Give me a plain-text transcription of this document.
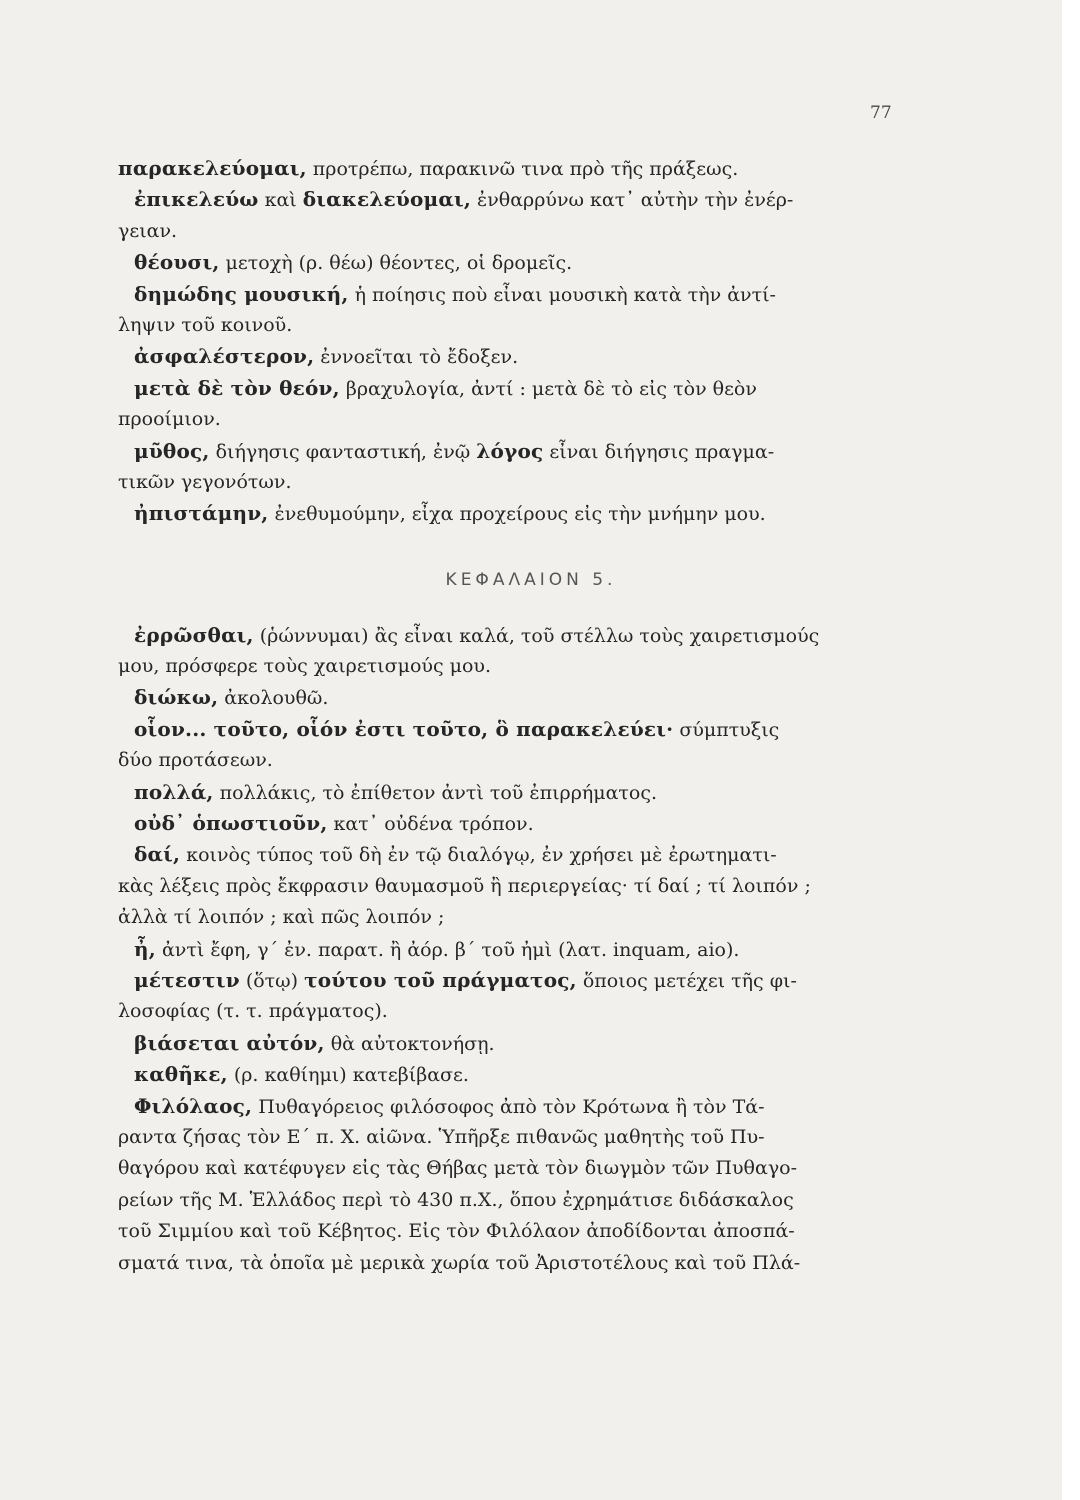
77
παρακελεύομαι, προτρέπω, παρακινῶ τινα πρὸ τῆς πράξεως.
ἐπικελεύω καὶ διακελεύομαι, ἐνθαρρύνω κατ᾽ αὐτὴν τὴν ἐνέρ-
γειαν.
θέουσι, μετοχὴ (ρ. θέω) θέοντες, οἱ δρομεῖς.
δημώδης μουσική, ἡ ποίησις ποὺ εἶναι μουσικὴ κατὰ τὴν ἀντί-
ληψιν τοῦ κοινοῦ.
ἀσφαλέστερον, ἐννοεῖται τὸ ἔδοξεν.
μετὰ δὲ τὸν θεόν, βραχυλογία, ἀντί : μετὰ δὲ τὸ εἰς τὸν θεὸν
προοίμιον.
μῦθος, διήγησις φανταστική, ἐνῷ λόγος εἶναι διήγησις πραγμα-
τικῶν γεγονότων.
ἠπιστάμην, ἐνεθυμούμην, εἶχα προχείρους εἰς τὴν μνήμην μου.
ΚΕΦΑΛΑΙΟΝ 5.
ἐρρῶσθαι, (ῥώννυμαι) ἂς εἶναι καλά, τοῦ στέλλω τοὺς χαιρετισμούς
μου, πρόσφερε τοὺς χαιρετισμούς μου.
διώκω, ἀκολουθῶ.
οἷον... τοῦτο, οἷόν ἐστι τοῦτο, ὃ παρακελεύει· σύμπτυξις
δύο προτάσεων.
πολλά, πολλάκις, τὸ ἐπίθετον ἀντὶ τοῦ ἐπιρρήματος.
οὐδ᾽ ὁπωστιοῦν, κατ᾽ οὐδένα τρόπον.
δαί, κοινὸς τύπος τοῦ δὴ ἐν τῷ διαλόγῳ, ἐν χρήσει μὲ ἐρωτηματι-
κὰς λέξεις πρὸς ἔκφρασιν θαυμασμοῦ ἢ περιεργείας· τί δαί ; τί λοιπόν ;
ἀλλὰ τί λοιπόν ; καὶ πῶς λοιπόν ;
ἦ, ἀντὶ ἔφη, γ΄ ἐν. παρατ. ἢ ἀόρ. β΄ τοῦ ἠμὶ (λατ. inquam, aio).
μέτεστιν (ὅτῳ) τούτου τοῦ πράγματος, ὅποιος μετέχει τῆς φι-
λοσοφίας (τ. τ. πράγματος).
βιάσεται αὐτόν, θὰ αὐτοκτονήσῃ.
καθῆκε, (ρ. καθίημι) κατεβίβασε.
Φιλόλαος, Πυθαγόρειος φιλόσοφος ἀπὸ τὸν Κρότωνα ἢ τὸν Τά-
ραντα ζήσας τὸν Ε΄ π. Χ. αἰῶνα. Ὑπῆρξε πιθανῶς μαθητὴς τοῦ Πυ-
θαγόρου καὶ κατέφυγεν εἰς τὰς Θήβας μετὰ τὸν διωγμὸν τῶν Πυθαγο-
ρείων τῆς Μ. Ἑλλάδος περὶ τὸ 430 π.Χ., ὅπου ἐχρημάτισε διδάσκαλος
τοῦ Σιμμίου καὶ τοῦ Κέβητος. Εἰς τὸν Φιλόλαον ἀποδίδονται ἀποσπά-
σματά τινα, τὰ ὁποῖα μὲ μερικὰ χωρία τοῦ Ἀριστοτέλους καὶ τοῦ Πλά-
